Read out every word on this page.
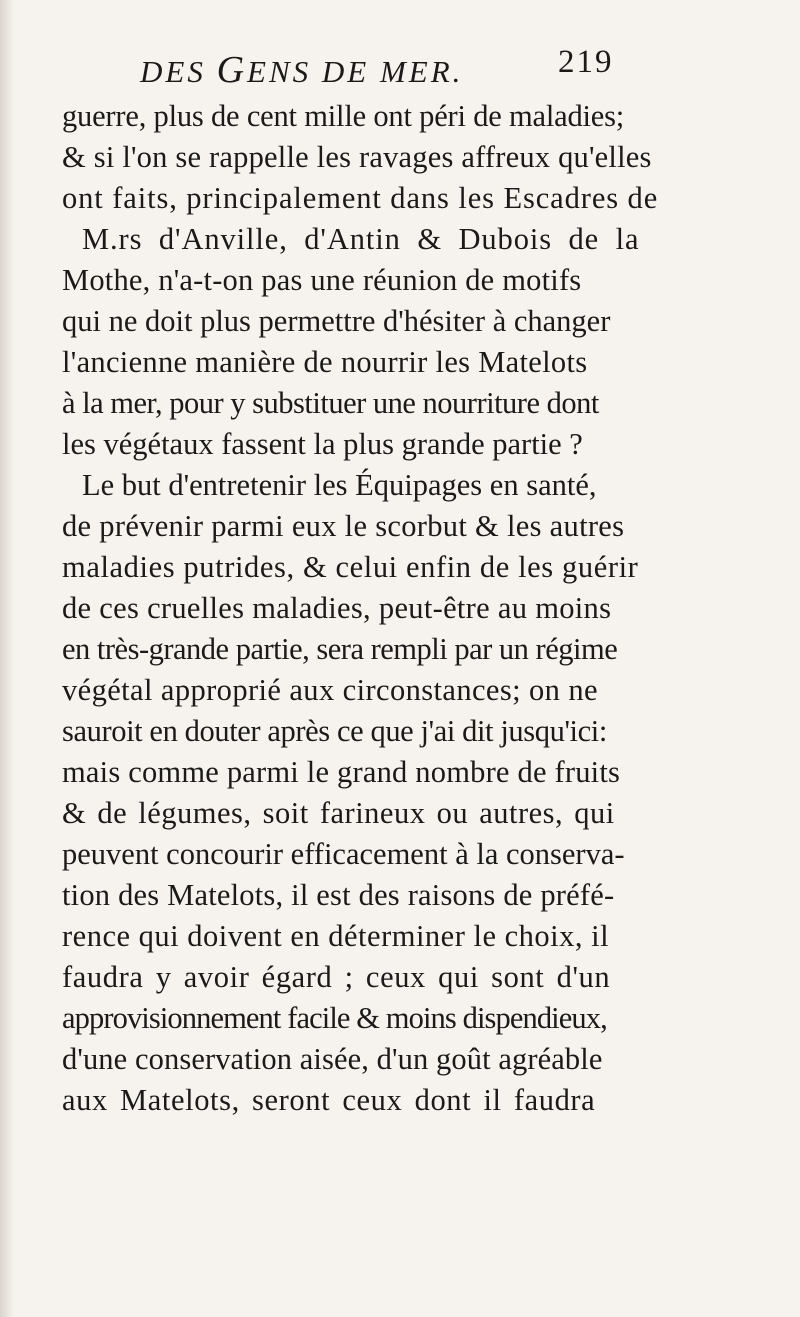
DES GENS DE MER.	219
guerre, plus de cent mille ont péri de maladies;
& si l'on se rappelle les ravages affreux qu'elles
ont faits, principalement dans les Escadres de
M.rs d'Anville, d'Antin & Dubois de la
Mothe, n'a-t-on pas une réunion de motifs
qui ne doit plus permettre d'hésiter à changer
l'ancienne manière de nourrir les Matelots
à la mer, pour y substituer une nourriture dont
les végétaux fassent la plus grande partie ?
Le but d'entretenir les Équipages en santé,
de prévenir parmi eux le scorbut & les autres
maladies putrides, & celui enfin de les guérir
de ces cruelles maladies, peut-être au moins
en très-grande partie, sera rempli par un régime
végétal approprié aux circonstances; on ne
sauroit en douter après ce que j'ai dit jusqu'ici:
mais comme parmi le grand nombre de fruits
& de légumes, soit farineux ou autres, qui
peuvent concourir efficacement à la conserva-
tion des Matelots, il est des raisons de préfé-
rence qui doivent en déterminer le choix, il
faudra y avoir égard ; ceux qui sont d'un
approvisionnement facile & moins dispendieux,
d'une conservation aisée, d'un goût agréable
aux Matelots, seront ceux dont il faudra
